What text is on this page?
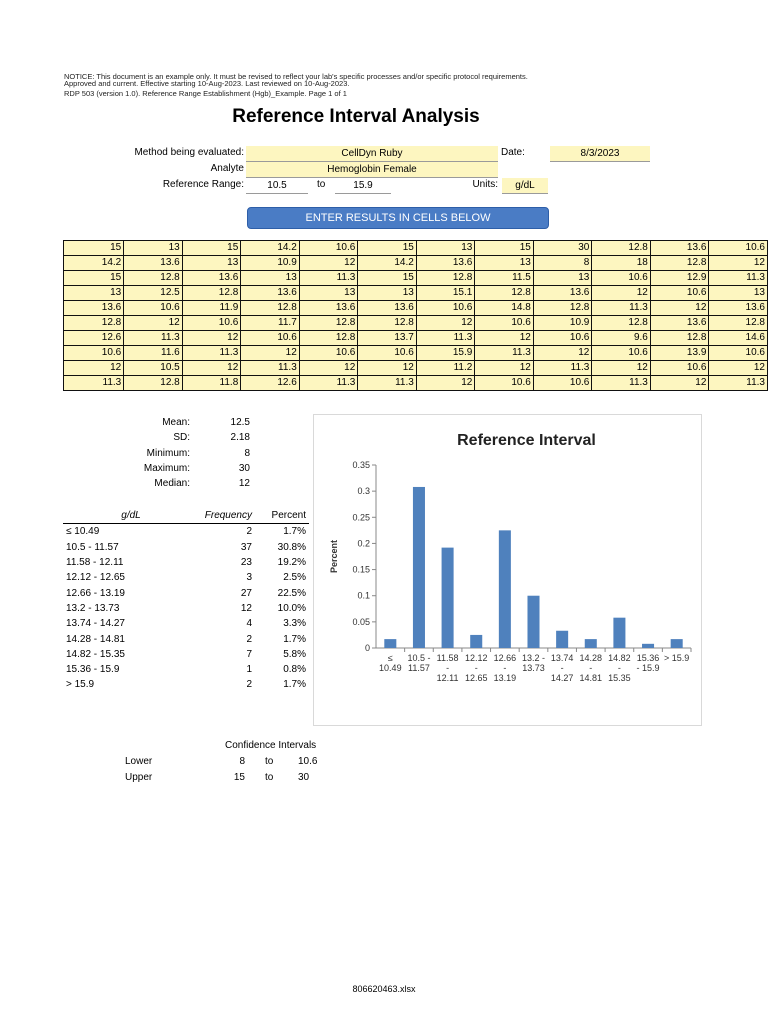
NOTICE: This document is an example only. It must be revised to reflect your lab's specific processes and/or specific protocol requirements.
Approved and current. Effective starting 10-Aug-2023. Last reviewed on 10-Aug-2023.
RDP 503 (version 1.0). Reference Range Establishment (Hgb)_Example. Page 1 of 1
Reference Interval Analysis
Method being evaluated:	CellDyn Ruby	Date:	8/3/2023
Analyte	Hemoglobin Female
Reference Range:	10.5	to	15.9	Units:	g/dL
ENTER RESULTS IN CELLS BELOW
15	13	15	14.2	10.6	15	13	15	30	12.8	13.6	10.6
14.2	13.6	13	10.9	12	14.2	13.6	13	8	18	12.8	12
15	12.8	13.6	13	11.3	15	12.8	11.5	13	10.6	12.9	11.3
13	12.5	12.8	13.6	13	13	15.1	12.8	13.6	12	10.6	13
13.6	10.6	11.9	12.8	13.6	13.6	10.6	14.8	12.8	11.3	12	13.6
12.8	12	10.6	11.7	12.8	12.8	12	10.6	10.9	12.8	13.6	12.8
12.6	11.3	12	10.6	12.8	13.7	11.3	12	10.6	9.6	12.8	14.6
10.6	11.6	11.3	12	10.6	10.6	15.9	11.3	12	10.6	13.9	10.6
12	10.5	12	11.3	12	12	11.2	12	11.3	12	10.6	12
11.3	12.8	11.8	12.6	11.3	11.3	12	10.6	10.6	11.3	12	11.3
Mean:	12.5
SD:	2.18
Minimum:	8
Maximum:	30
Median:	12
g/dL	Frequency	Percent
≤ 10.49	2	1.7%
10.5 - 11.57	37	30.8%
11.58 - 12.11	23	19.2%
12.12 - 12.65	3	2.5%
12.66 - 13.19	27	22.5%
13.2 - 13.73	12	10.0%
13.74 - 14.27	4	3.3%
14.28 - 14.81	2	1.7%
14.82 - 15.35	7	5.8%
15.36 - 15.9	1	0.8%
> 15.9	2	1.7%
Reference Interval
Percent
0
0.05
0.1
0.15
0.2
0.25
0.3
0.35
≤
10.49
10.5 -
11.57
11.58
-
12.11
12.12
-
12.65
12.66
-
13.19
13.2 -
13.73
13.74
-
14.27
14.28
-
14.81
14.82
-
15.35
15.36
- 15.9
> 15.9
Confidence Intervals
Lower	8 to	10.6
Upper	15 to	30
806620463.xlsx
